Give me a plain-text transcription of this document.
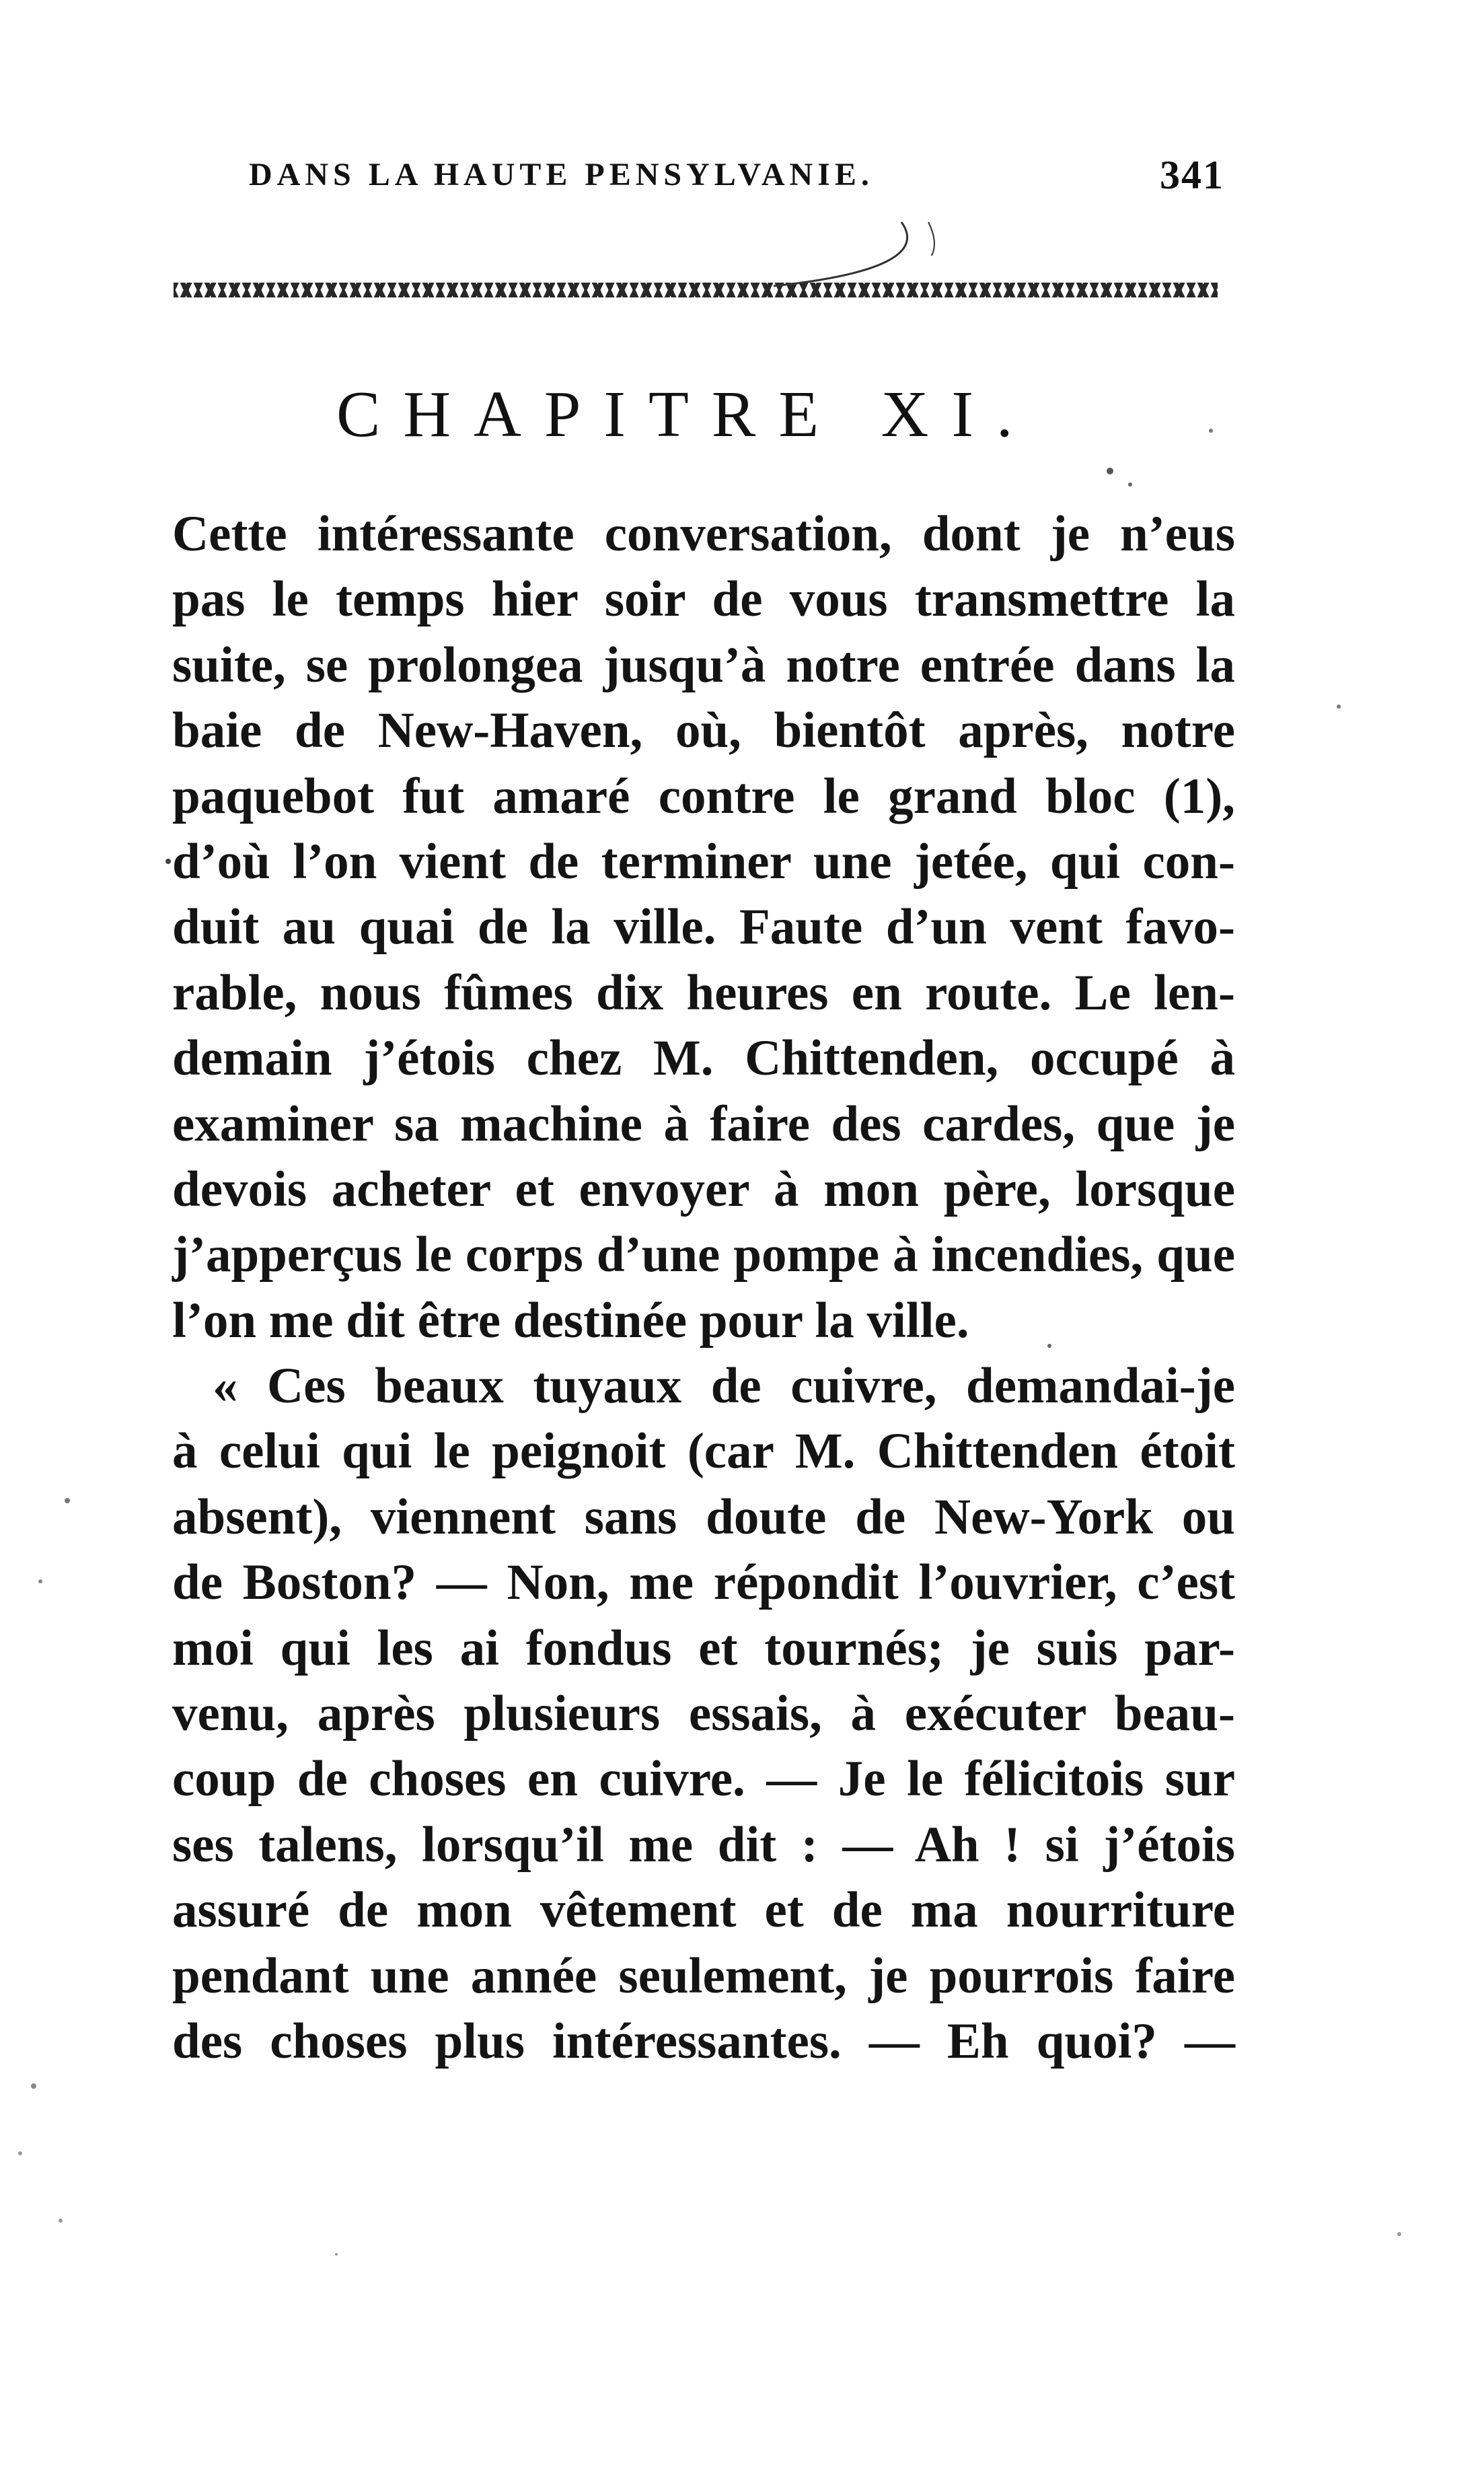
DANS LA HAUTE PENSYLVANIE.	341
CHAPITRE XI.
Cette intéressante conversation, dont je n’eus
pas le temps hier soir de vous transmettre la
suite, se prolongea jusqu’à notre entrée dans la
baie de New-Haven, où, bientôt après, notre
paquebot fut amaré contre le grand bloc (1),
d’où l’on vient de terminer une jetée, qui con-
duit au quai de la ville. Faute d’un vent favo-
rable, nous fûmes dix heures en route. Le len-
demain j’étois chez M. Chittenden, occupé à
examiner sa machine à faire des cardes, que je
devois acheter et envoyer à mon père, lorsque
j’apperçus le corps d’une pompe à incendies, que
l’on me dit être destinée pour la ville.
« Ces beaux tuyaux de cuivre, demandai-je
à celui qui le peignoit (car M. Chittenden étoit
absent), viennent sans doute de New-York ou
de Boston? — Non, me répondit l’ouvrier, c’est
moi qui les ai fondus et tournés; je suis par-
venu, après plusieurs essais, à exécuter beau-
coup de choses en cuivre. — Je le félicitois sur
ses talens, lorsqu’il me dit : — Ah ! si j’étois
assuré de mon vêtement et de ma nourriture
pendant une année seulement, je pourrois faire
des choses plus intéressantes. — Eh quoi? —
